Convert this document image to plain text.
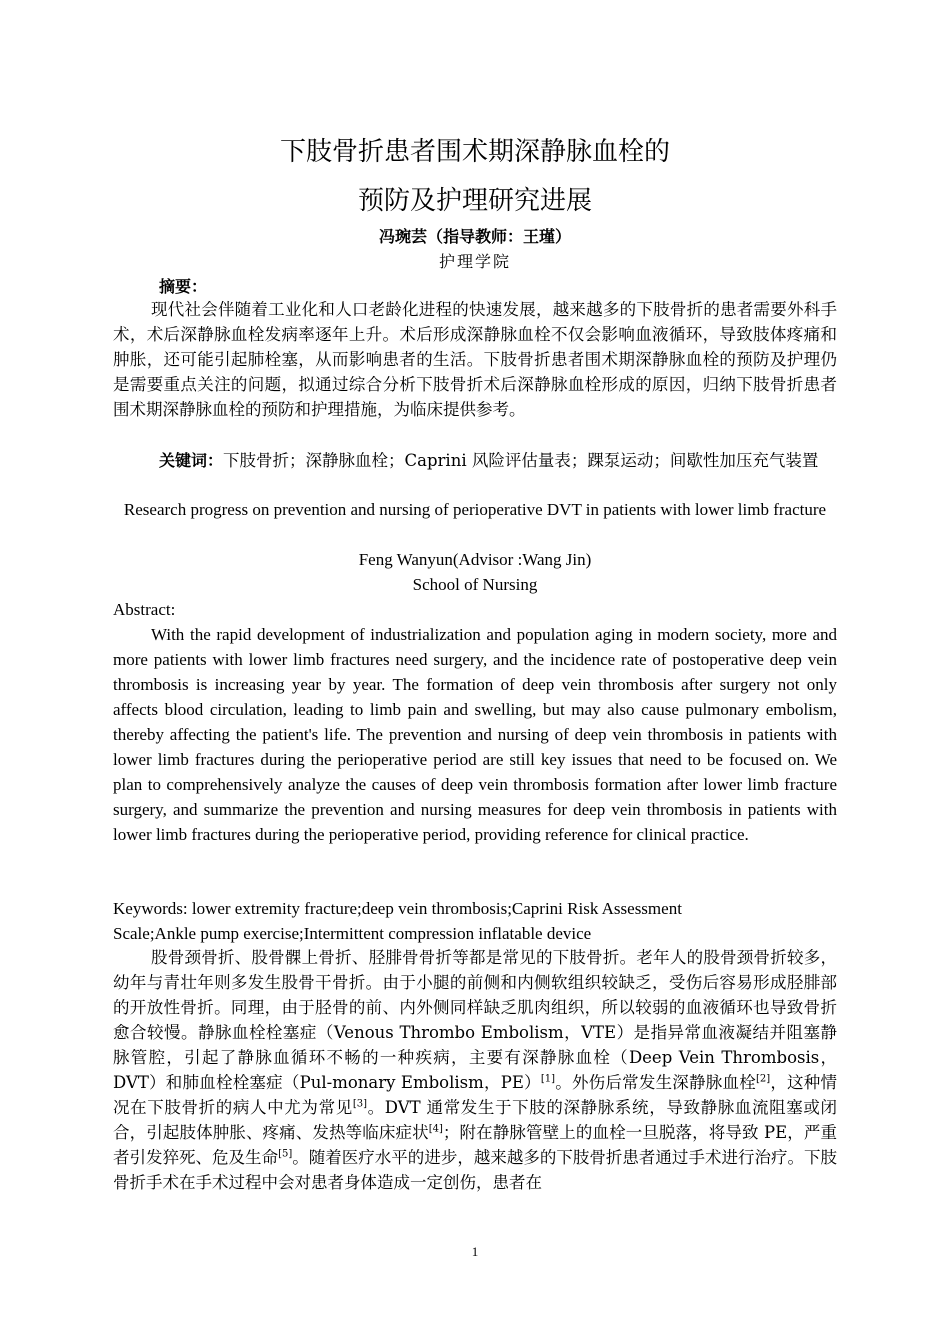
下肢骨折患者围术期深静脉血栓的
预防及护理研究进展
冯琬芸（指导教师：王瑾）
护理学院
摘要：

现代社会伴随着工业化和人口老龄化进程的快速发展，越来越多的下肢骨折的患者需要外科手术，术后深静脉血栓发病率逐年上升。术后形成深静脉血栓不仅会影响血液循环，导致肢体疼痛和肿胀，还可能引起肺栓塞，从而影响患者的生活。下肢骨折患者围术期深静脉血栓的预防及护理仍是需要重点关注的问题，拟通过综合分析下肢骨折术后深静脉血栓形成的原因，归纳下肢骨折患者围术期深静脉血栓的预防和护理措施，为临床提供参考。

关键词：下肢骨折；深静脉血栓；Caprini 风险评估量表；踝泵运动；间歇性加压充气装置

Research progress on prevention and nursing of perioperative DVT in patients with lower limb fracture

Feng Wanyun(Advisor :Wang Jin)

School of Nursing

Abstract:

With the rapid development of industrialization and population aging in modern society, more and more patients with lower limb fractures need surgery, and the incidence rate of postoperative deep vein thrombosis is increasing year by year. The formation of deep vein thrombosis after surgery not only affects blood circulation, leading to limb pain and swelling, but may also cause pulmonary embolism, thereby affecting the patient's life. The prevention and nursing of deep vein thrombosis in patients with lower limb fractures during the perioperative period are still key issues that need to be focused on. We plan to comprehensively analyze the causes of deep vein thrombosis formation after lower limb fracture surgery, and summarize the prevention and nursing measures for deep vein thrombosis in patients with lower limb fractures during the perioperative period, providing reference for clinical practice.

Keywords: lower extremity fracture;deep vein thrombosis;Caprini Risk Assessment
Scale;Ankle pump exercise;Intermittent compression inflatable device

股骨颈骨折、股骨髁上骨折、胫腓骨骨折等都是常见的下肢骨折。老年人的股骨颈骨折较多，幼年与青壮年则多发生股骨干骨折。由于小腿的前侧和内侧软组织较缺乏，受伤后容易形成胫腓部的开放性骨折。同理，由于胫骨的前、内外侧同样缺乏肌肉组织，所以较弱的血液循环也导致骨折愈合较慢。静脉血栓栓塞症（Venous Thrombo Embolism，VTE）是指异常血液凝结并阻塞静脉管腔，引起了静脉血循环不畅的一种疾病，主要有深静脉血栓（Deep Vein Thrombosis，DVT）和肺血栓栓塞症（Pul-monary Embolism，PE）[1]。外伤后常发生深静脉血栓[2]，这种情况在下肢骨折的病人中尤为常见[3]。DVT 通常发生于下肢的深静脉系统，导致静脉血流阻塞或闭合，引起肢体肿胀、疼痛、发热等临床症状[4]；附在静脉管壁上的血栓一旦脱落，将导致 PE，严重者引发猝死、危及生命[5]。随着医疗水平的进步，越来越多的下肢骨折患者通过手术进行治疗。下肢骨折手术在手术过程中会对患者身体造成一定创伤，患者在

1
